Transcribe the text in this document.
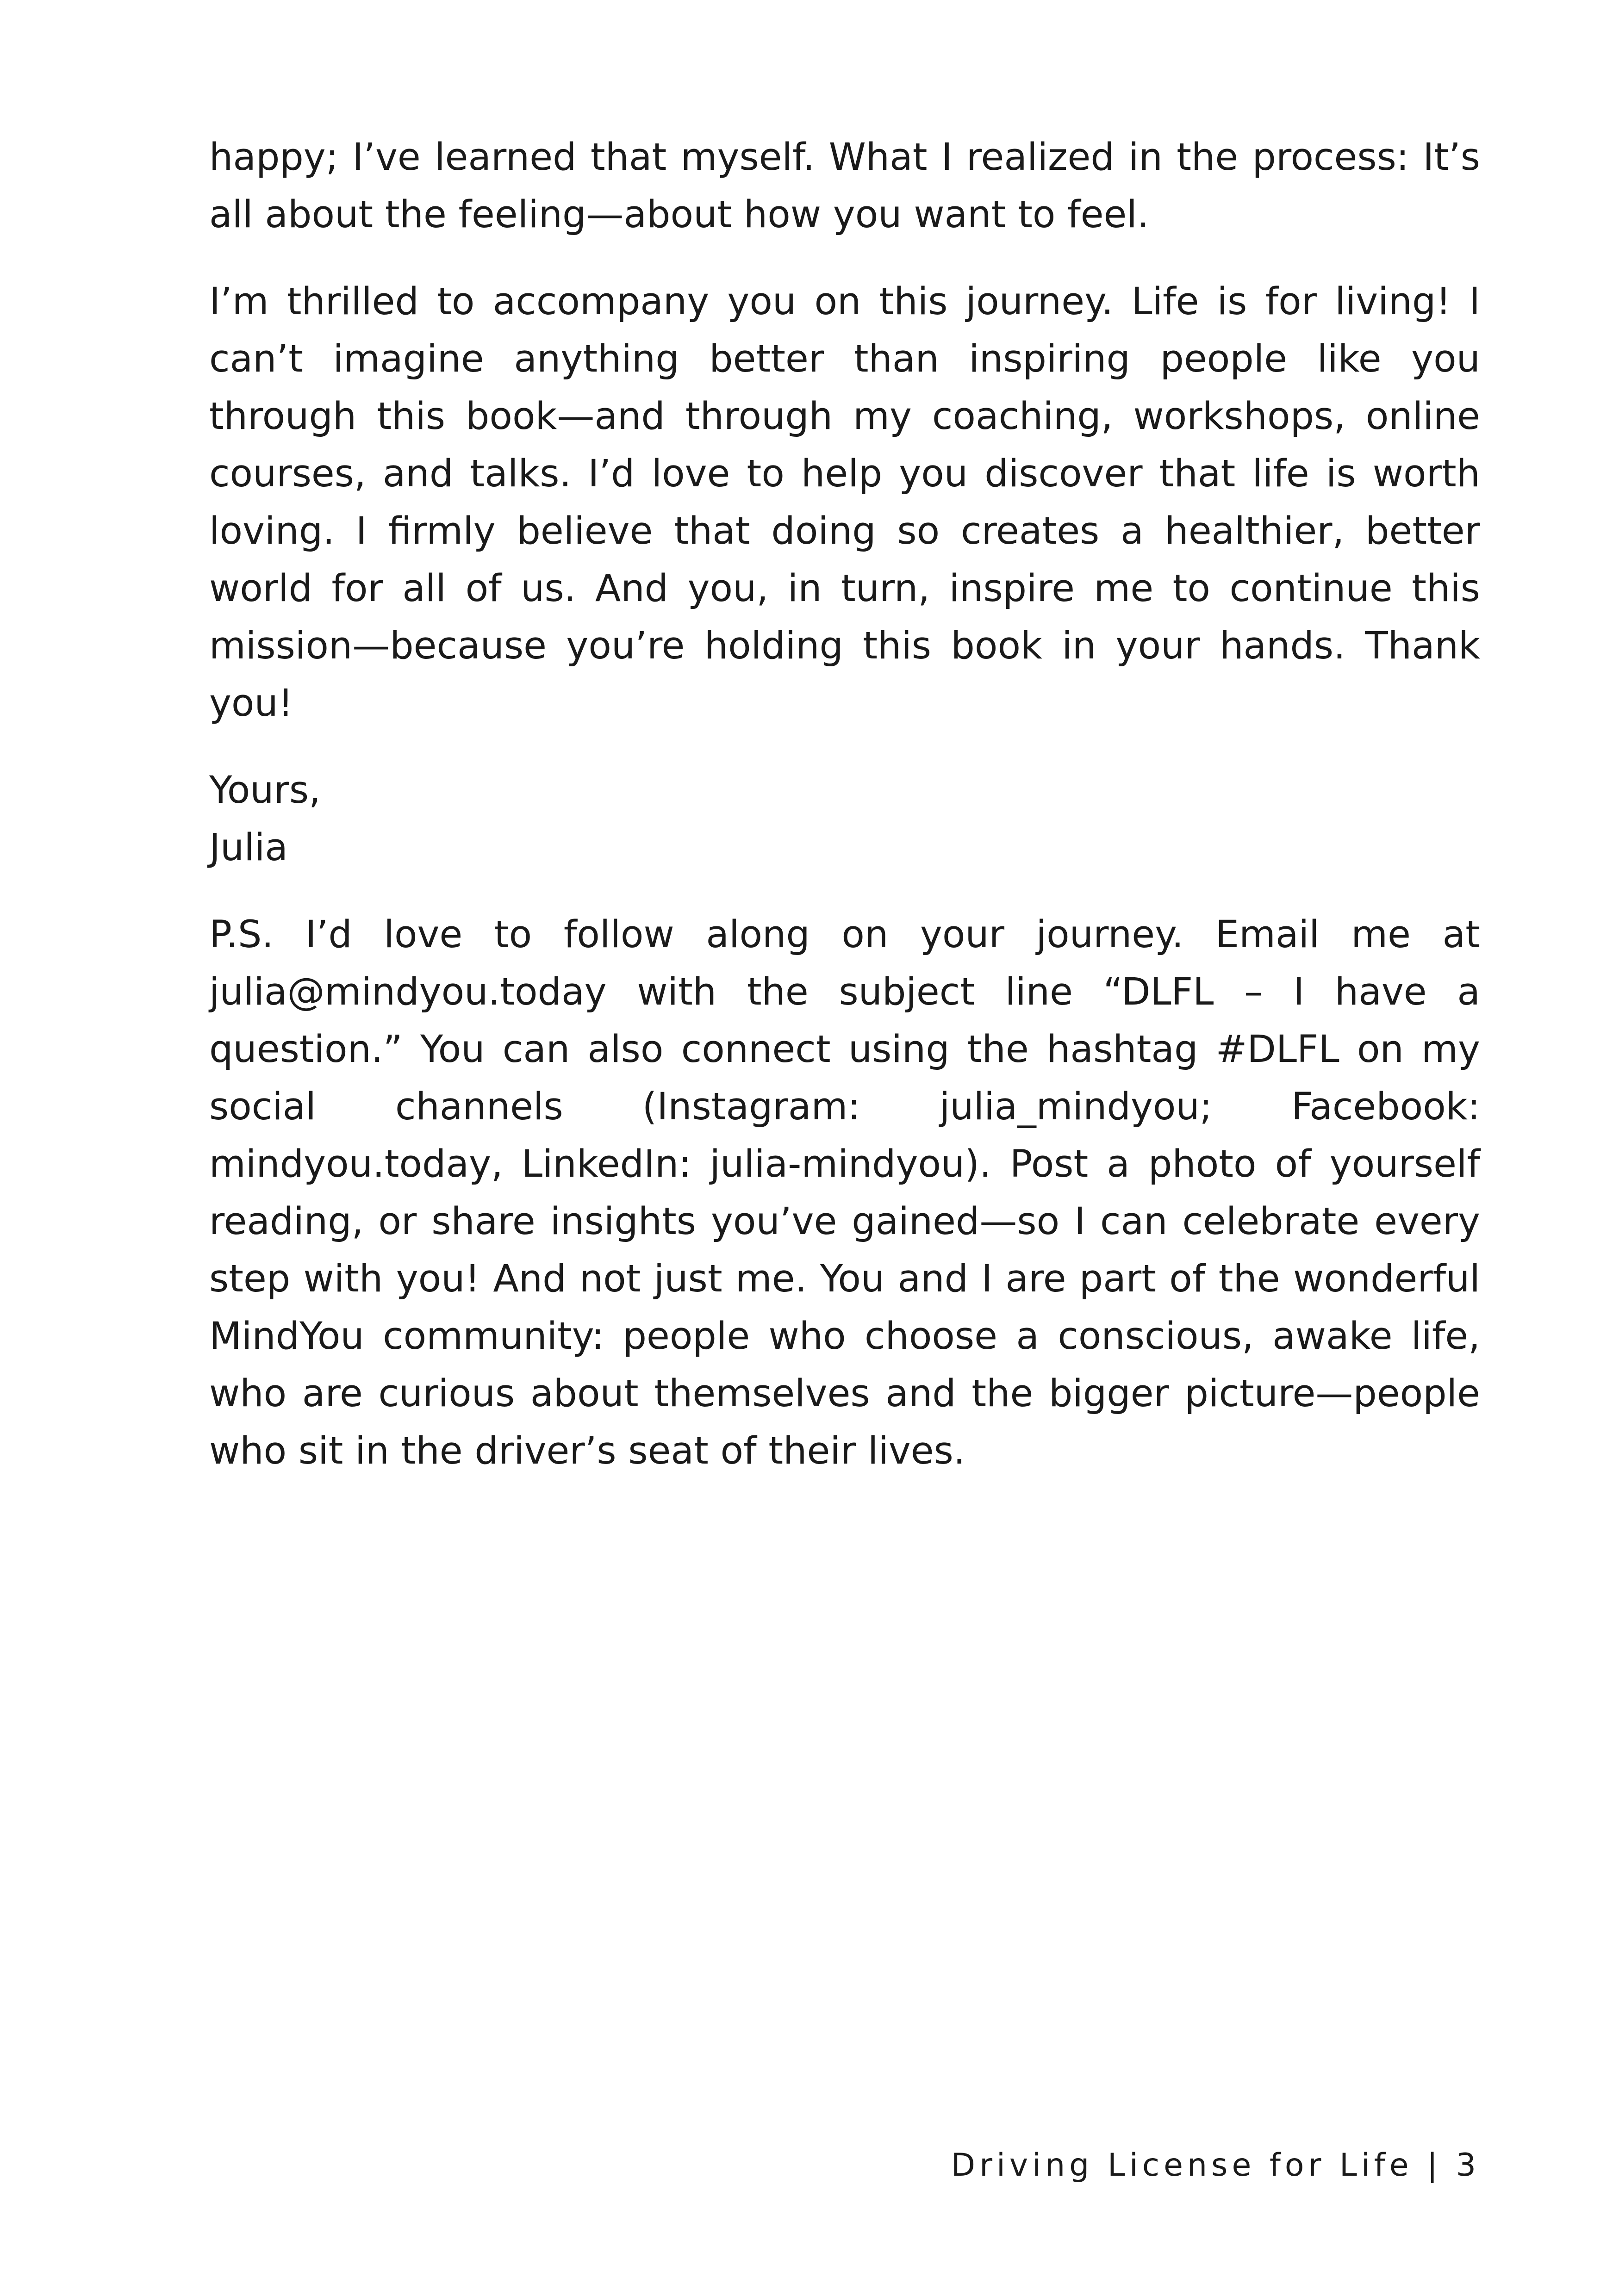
happy; I’ve learned that myself. What I realized in the process: It’s all about the feeling—about how you want to feel.

I’m thrilled to accompany you on this journey. Life is for living! I can’t imagine anything better than inspiring people like you through this book—and through my coaching, workshops, online courses, and talks. I’d love to help you discover that life is worth loving. I firmly believe that doing so creates a healthier, better world for all of us. And you, in turn, inspire me to continue this mission—because you’re holding this book in your hands. Thank you!

Yours,
Julia

P.S. I’d love to follow along on your journey. Email me at julia@mindyou.today with the subject line “DLFL – I have a question.” You can also connect using the hashtag #DLFL on my social channels (Instagram: julia_mindyou; Facebook: mindyou.today, LinkedIn: julia-mindyou). Post a photo of yourself reading, or share insights you’ve gained—so I can celebrate every step with you! And not just me. You and I are part of the wonderful MindYou community: people who choose a conscious, awake life, who are curious about themselves and the bigger picture—people who sit in the driver’s seat of their lives.

Driving License for Life | 3
